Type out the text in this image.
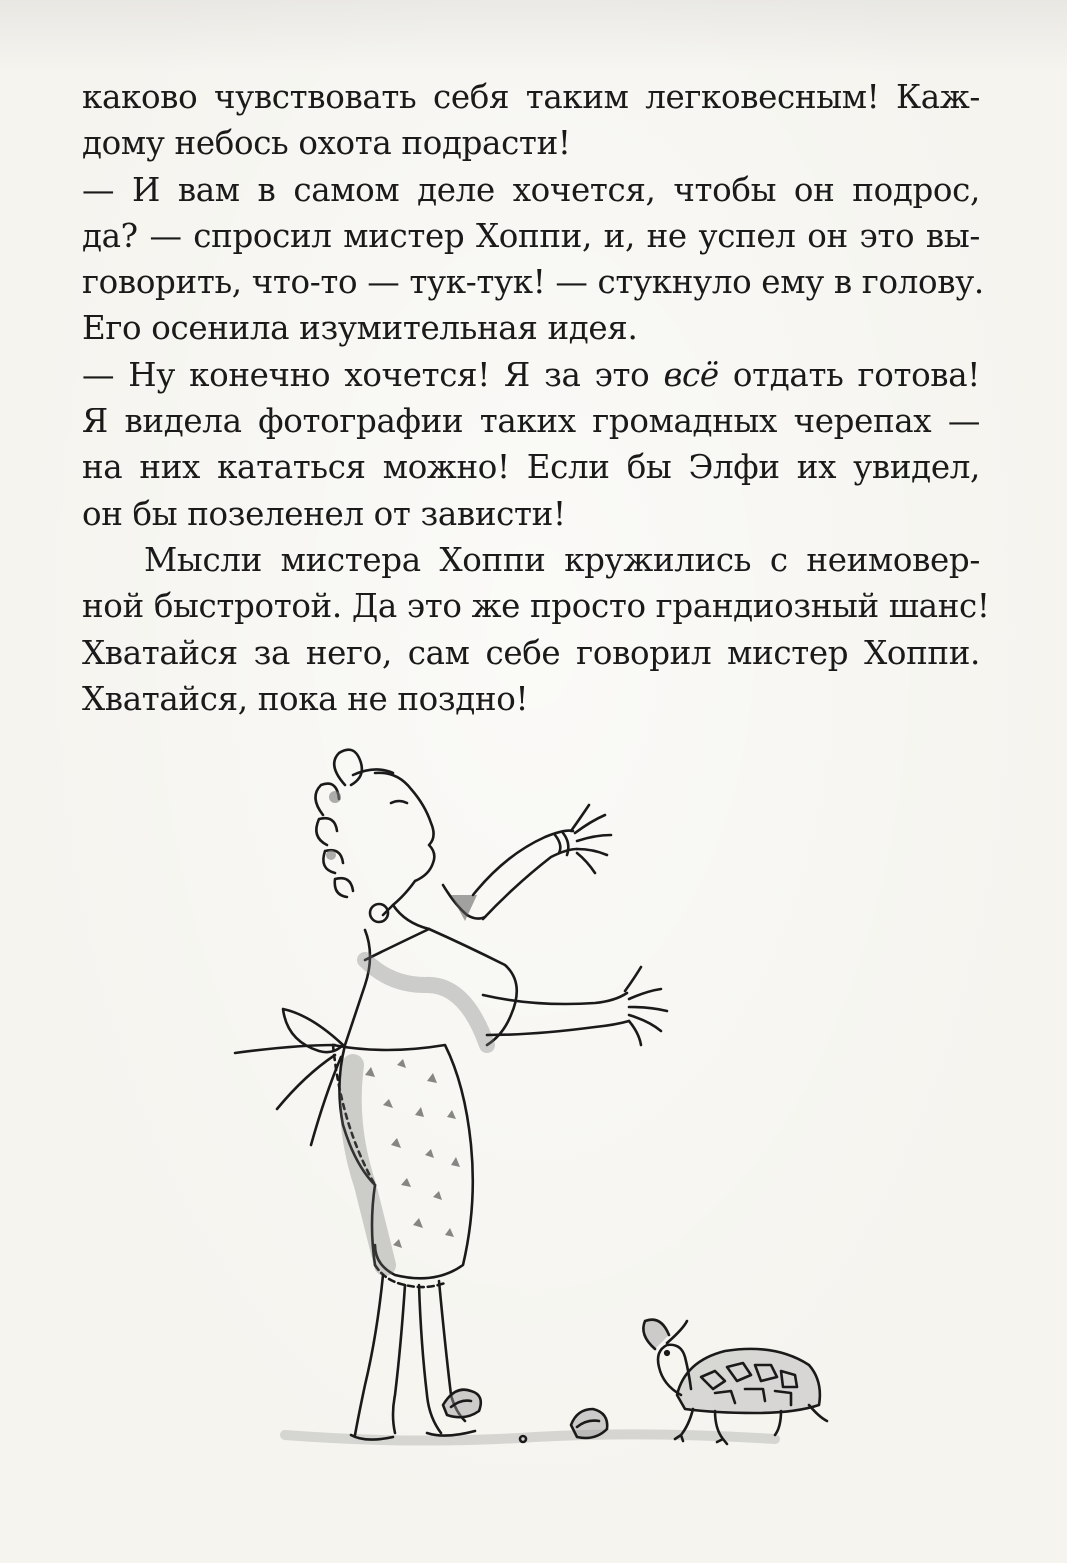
каково чувствовать себя таким легковесным! Каж-
дому небось охота подрасти!
— И вам в самом деле хочется, чтобы он подрос,
да? — спросил мистер Хоппи, и, не успел он это вы-
говорить, что-то — тук-тук! — стукнуло ему в голову.
Его осенила изумительная идея.
— Ну конечно хочется! Я за это всё отдать готова!
Я видела фотографии таких громадных черепах —
на них кататься можно! Если бы Элфи их увидел,
он бы позеленел от зависти!
Мысли мистера Хоппи кружились с неимовер-
ной быстротой. Да это же просто грандиозный шанс!
Хватайся за него, сам себе говорил мистер Хоппи.
Хватайся, пока не поздно!
